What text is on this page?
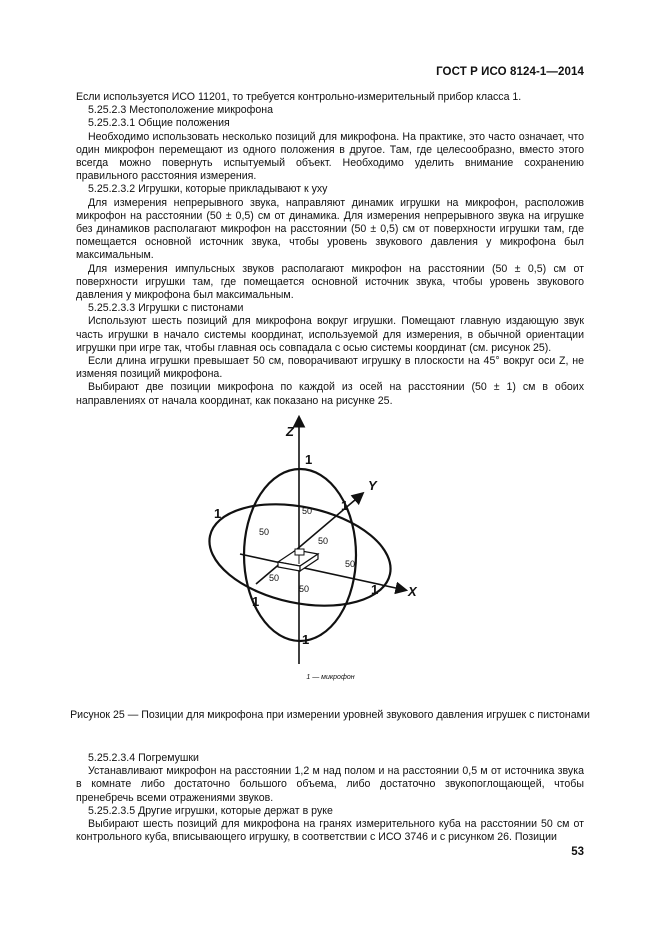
ГОСТ Р ИСО 8124-1—2014

Если используется ИСО 11201, то требуется контрольно-измерительный прибор класса 1.

5.25.2.3 Местоположение микрофона

5.25.2.3.1 Общие положения

Необходимо использовать несколько позиций для микрофона. На практике, это часто означает, что один микрофон перемещают из одного положения в другое. Там, где целесообразно, вместо этого всегда можно повернуть испытуемый объект. Необходимо уделить внимание сохранению правильного расстояния измерения.

5.25.2.3.2 Игрушки, которые прикладывают к уху

Для измерения непрерывного звука, направляют динамик игрушки на микрофон, расположив микрофон на расстоянии (50 ± 0,5) см от динамика. Для измерения непрерывного звука на игрушке без динамиков располагают микрофон на расстоянии (50 ± 0,5) см от поверхности игрушки там, где помещается основной источник звука, чтобы уровень звукового давления у микрофона был максимальным.

Для измерения импульсных звуков располагают микрофон на расстоянии (50 ± 0,5) см от поверхности игрушки там, где помещается основной источник звука, чтобы уровень звукового давления у микрофона был максимальным.

5.25.2.3.3 Игрушки с пистонами

Используют шесть позиций для микрофона вокруг игрушки. Помещают главную издающую звук часть игрушки в начало системы координат, используемой для измерения, в обычной ориентации игрушки при игре так, чтобы главная ось совпадала с осью системы координат (см. рисунок 25).

Если длина игрушки превышает 50 см, поворачивают игрушку в плоскости на 45° вокруг оси Z, не изменяя позиций микрофона.

Выбирают две позиции микрофона по каждой из осей на расстоянии (50 ± 1) см в обоих направлениях от начала координат, как показано на рисунке 25.

Z
Y
X
1
1
1
1
1
1
50
50
50
50
50
50
1 — микрофон
Рисунок 25 — Позиции для микрофона при измерении уровней звукового давления игрушек с пистонами

5.25.2.3.4 Погремушки

Устанавливают микрофон на расстоянии 1,2 м над полом и на расстоянии 0,5 м от источника звука в комнате либо достаточно большого объема, либо достаточно звукопоглощающей, чтобы пренебречь всеми отражениями звуков.

5.25.2.3.5 Другие игрушки, которые держат в руке

Выбирают шесть позиций для микрофона на гранях измерительного куба на расстоянии 50 см от контрольного куба, вписывающего игрушку, в соответствии с ИСО 3746 и с рисунком 26. Позиции

53
